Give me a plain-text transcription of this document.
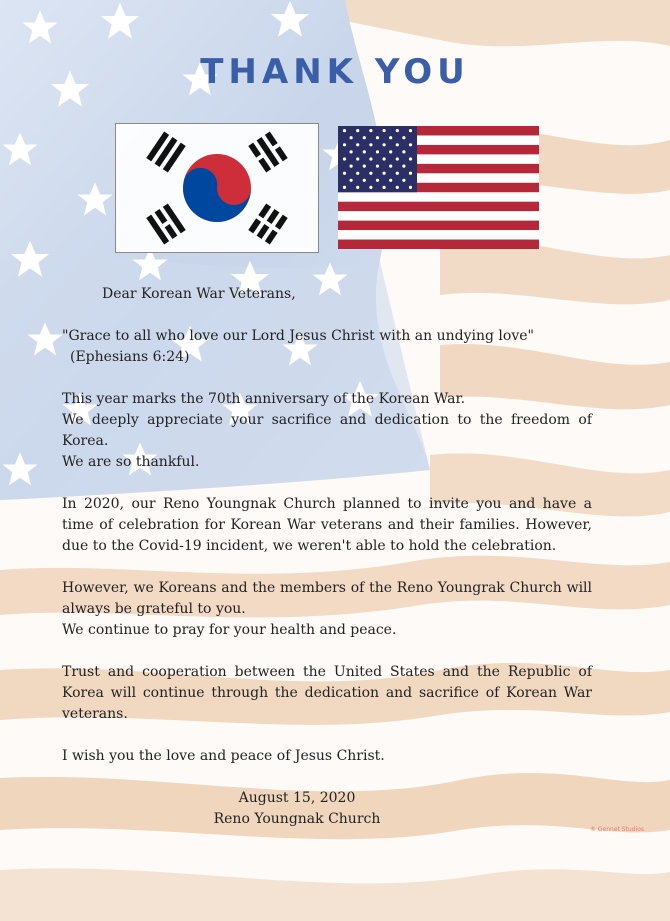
THANK YOU

Dear Korean War Veterans,

"Grace to all who love our Lord Jesus Christ with an undying love"

(Ephesians 6:24)

This year marks the 70th anniversary of the Korean War.

We deeply appreciate your sacrifice and dedication to the freedom of Korea.

We are so thankful.

In 2020, our Reno Youngnak Church planned to invite you and have a time of celebration for Korean War veterans and their families. However, due to the Covid-19 incident, we weren't able to hold the celebration.

However, we Koreans and the members of the Reno Youngrak Church will always be grateful to you.

We continue to pray for your health and peace.

Trust and cooperation between the United States and the Republic of Korea will continue through the dedication and sacrifice of Korean War veterans.

I wish you the love and peace of Jesus Christ.

August 15, 2020

Reno Youngnak Church

® Gennet Studios
